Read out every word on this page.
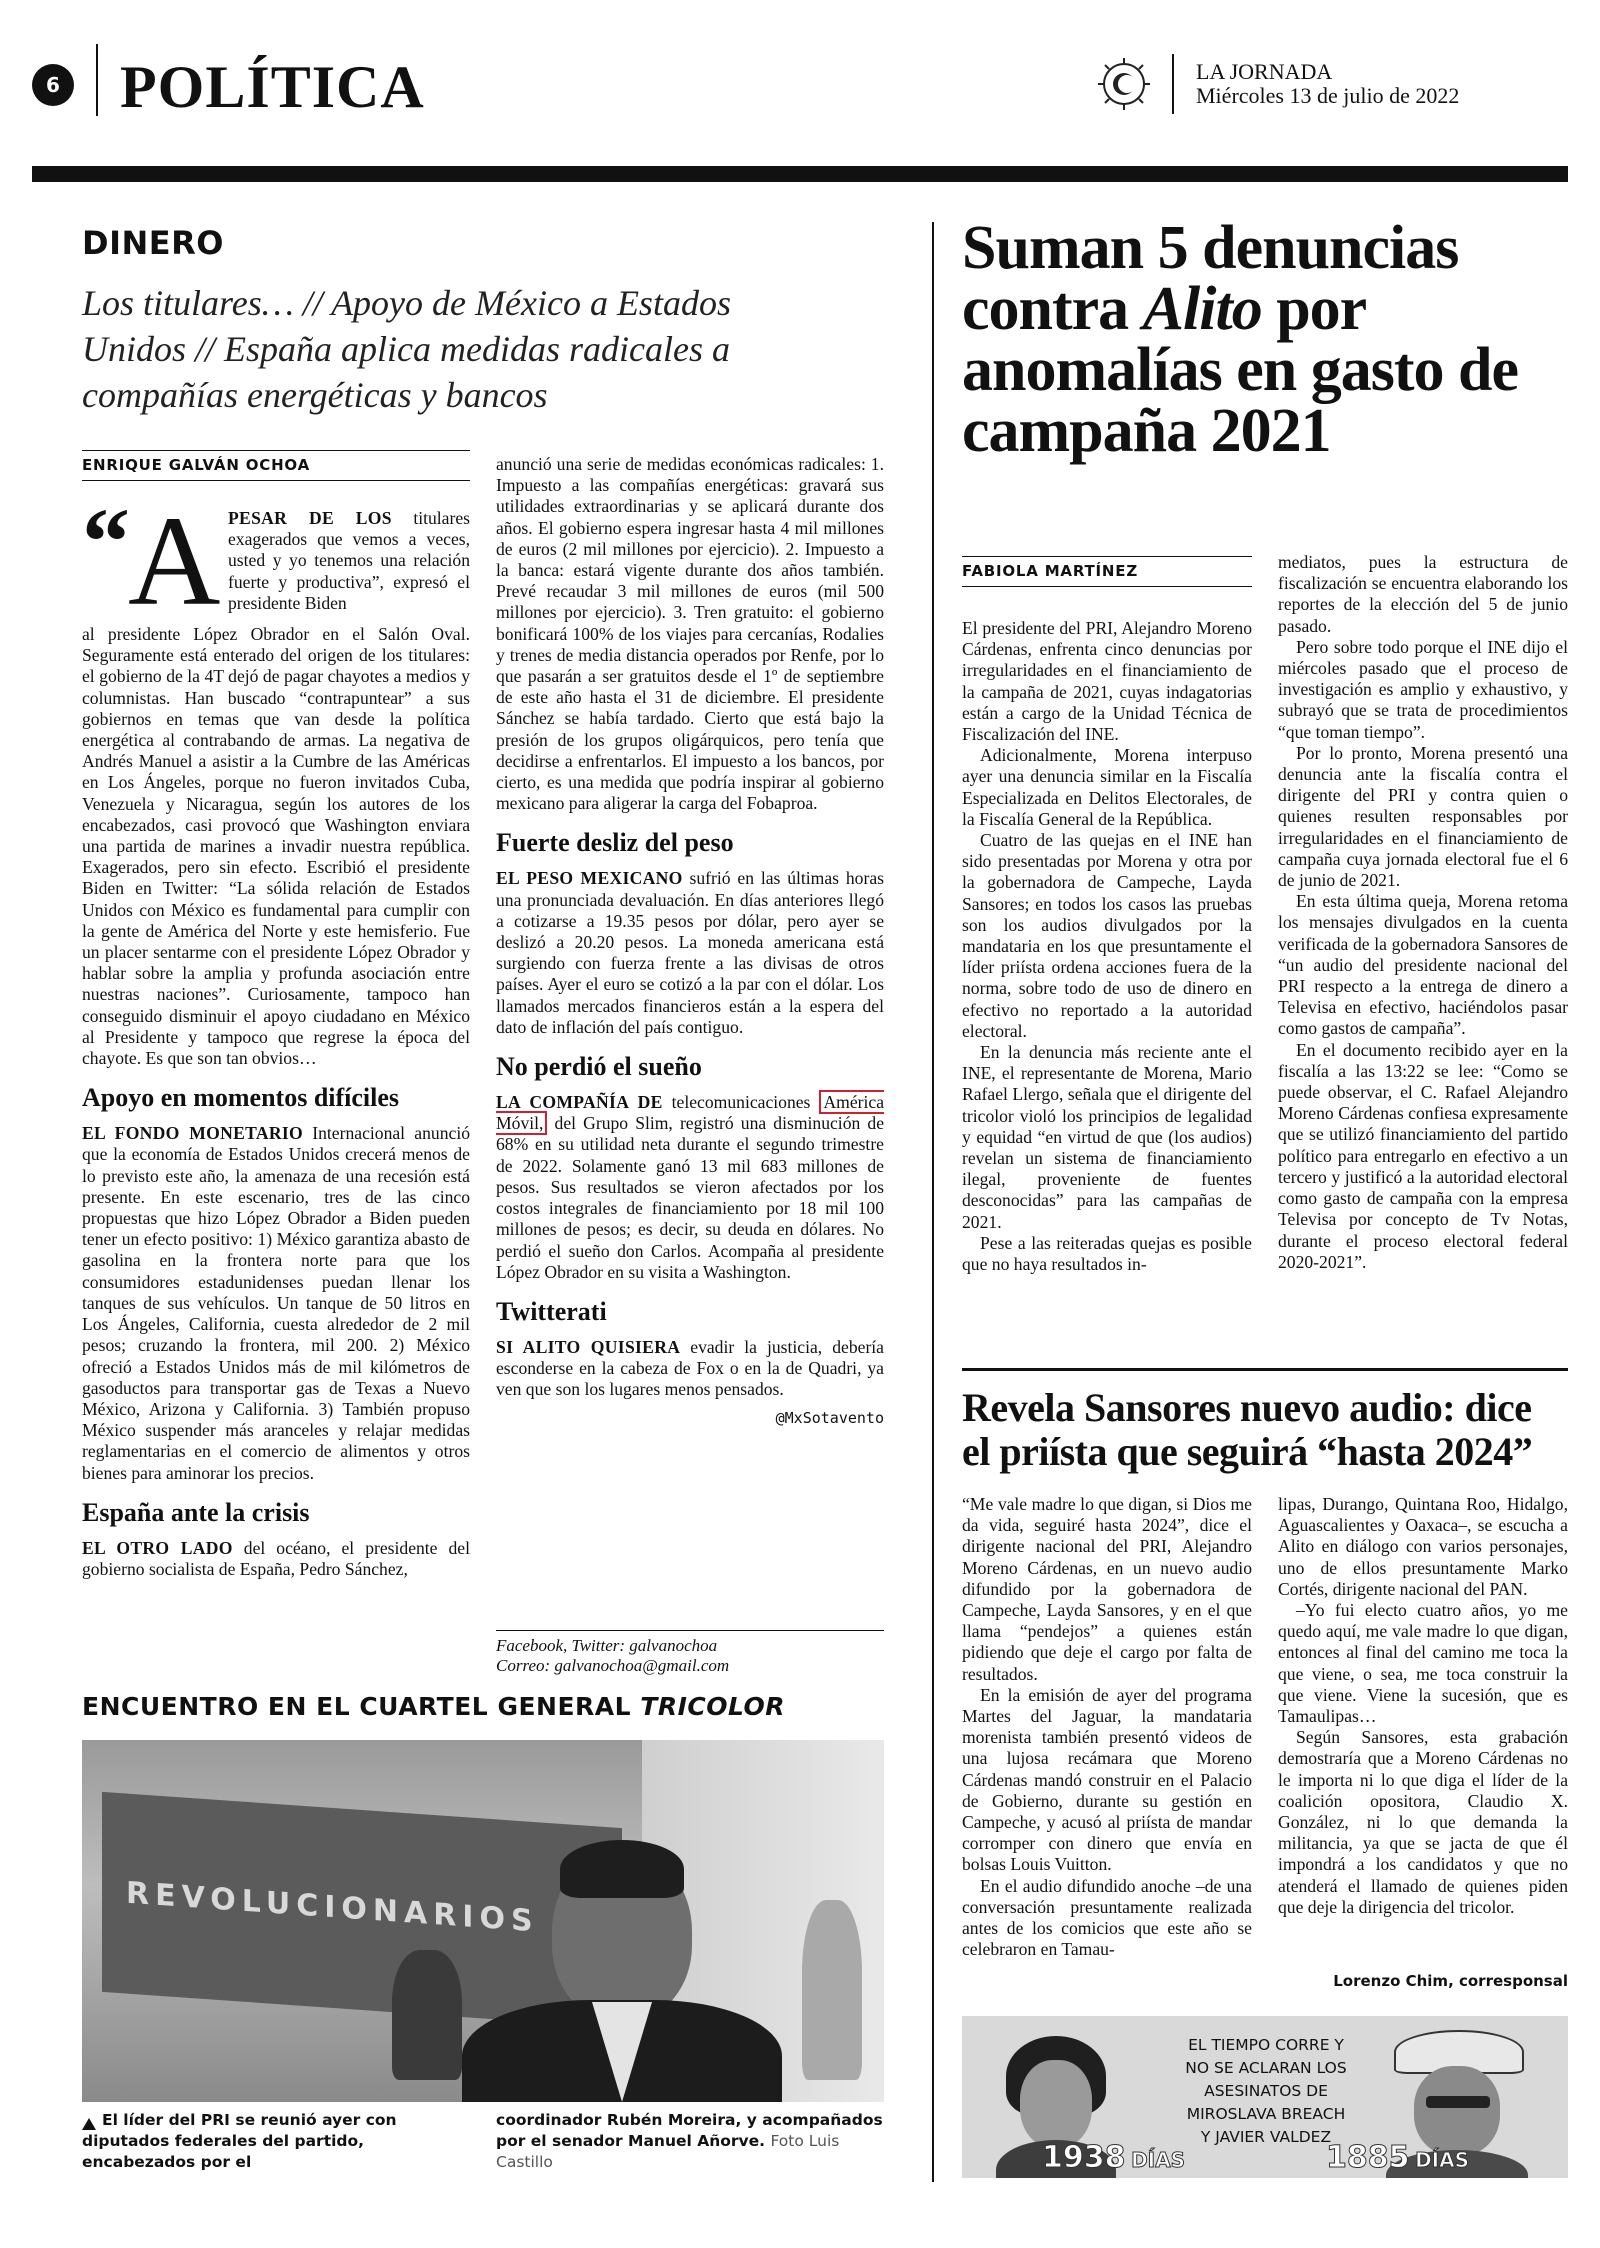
6 POLÍTICA	LA JORNADA
Miércoles 13 de julio de 2022
DINERO
Los titulares… // Apoyo de México a Estados Unidos // España aplica medidas radicales a compañías energéticas y bancos
ENRIQUE GALVÁN OCHOA
“
A PESAR DE LOS titulares exagerados que vemos a veces, usted y yo tenemos una relación fuerte y productiva”, expresó el presidente Biden

al presidente López Obrador en el Salón Oval. Seguramente está enterado del origen de los titulares: el gobierno de la 4T dejó de pagar chayotes a medios y columnistas. Han buscado “contrapuntear” a sus gobiernos en temas que van desde la política energética al contrabando de armas. La negativa de Andrés Manuel a asistir a la Cumbre de las Américas en Los Ángeles, porque no fueron invitados Cuba, Venezuela y Nicaragua, según los autores de los encabezados, casi provocó que Washington enviara una partida de marines a invadir nuestra república. Exagerados, pero sin efecto. Escribió el presidente Biden en Twitter: “La sólida relación de Estados Unidos con México es fundamental para cumplir con la gente de América del Norte y este hemisferio. Fue un placer sentarme con el presidente López Obrador y hablar sobre la amplia y profunda asociación entre nuestras naciones”. Curiosamente, tampoco han conseguido disminuir el apoyo ciudadano en México al Presidente y tampoco que regrese la época del chayote. Es que son tan obvios…

Apoyo en momentos difíciles

EL FONDO MONETARIO Internacional anunció que la economía de Estados Unidos crecerá menos de lo previsto este año, la amenaza de una recesión está presente. En este escenario, tres de las cinco propuestas que hizo López Obrador a Biden pueden tener un efecto positivo: 1) México garantiza abasto de gasolina en la frontera norte para que los consumidores estadunidenses puedan llenar los tanques de sus vehículos. Un tanque de 50 litros en Los Ángeles, California, cuesta alrededor de 2 mil pesos; cruzando la frontera, mil 200. 2) México ofreció a Estados Unidos más de mil kilómetros de gasoductos para transportar gas de Texas a Nuevo México, Arizona y California. 3) También propuso México suspender más aranceles y relajar medidas reglamentarias en el comercio de alimentos y otros bienes para aminorar los precios.

España ante la crisis

EL OTRO LADO del océano, el presidente del gobierno socialista de España, Pedro Sánchez,

anunció una serie de medidas económicas radicales: 1. Impuesto a las compañías energéticas: gravará sus utilidades extraordinarias y se aplicará durante dos años. El gobierno espera ingresar hasta 4 mil millones de euros (2 mil millones por ejercicio). 2. Impuesto a la banca: estará vigente durante dos años también. Prevé recaudar 3 mil millones de euros (mil 500 millones por ejercicio). 3. Tren gratuito: el gobierno bonificará 100% de los viajes para cercanías, Rodalies y trenes de media distancia operados por Renfe, por lo que pasarán a ser gratuitos desde el 1º de septiembre de este año hasta el 31 de diciembre. El presidente Sánchez se había tardado. Cierto que está bajo la presión de los grupos oligárquicos, pero tenía que decidirse a enfrentarlos. El impuesto a los bancos, por cierto, es una medida que podría inspirar al gobierno mexicano para aligerar la carga del Fobaproa.

Fuerte desliz del peso

EL PESO MEXICANO sufrió en las últimas horas una pronunciada devaluación. En días anteriores llegó a cotizarse a 19.35 pesos por dólar, pero ayer se deslizó a 20.20 pesos. La moneda americana está surgiendo con fuerza frente a las divisas de otros países. Ayer el euro se cotizó a la par con el dólar. Los llamados mercados financieros están a la espera del dato de inflación del país contiguo.

No perdió el sueño

LA COMPAÑÍA DE telecomunicaciones América Móvil, del Grupo Slim, registró una disminución de 68% en su utilidad neta durante el segundo trimestre de 2022. Solamente ganó 13 mil 683 millones de pesos. Sus resultados se vieron afectados por los costos integrales de financiamiento por 18 mil 100 millones de pesos; es decir, su deuda en dólares. No perdió el sueño don Carlos. Acompaña al presidente López Obrador en su visita a Washington.

Twitterati

SI ALITO QUISIERA evadir la justicia, debería esconderse en la cabeza de Fox o en la de Quadri, ya ven que son los lugares menos pensados.

@MxSotavento
Facebook, Twitter: galvanochoa
Correo: galvanochoa@gmail.com
ENCUENTRO EN EL CUARTEL GENERAL TRICOLOR
REVOLUCIONARIOS
El líder del PRI se reunió ayer con diputados federales del partido, encabezados por el
coordinador Rubén Moreira, y acompañados por el senador Manuel Añorve. Foto Luis Castillo
Suman 5 denuncias contra Alito por anomalías en gasto de campaña 2021
FABIOLA MARTÍNEZ

El presidente del PRI, Alejandro Moreno Cárdenas, enfrenta cinco denuncias por irregularidades en el financiamiento de la campaña de 2021, cuyas indagatorias están a cargo de la Unidad Técnica de Fiscalización del INE.

Adicionalmente, Morena interpuso ayer una denuncia similar en la Fiscalía Especializada en Delitos Electorales, de la Fiscalía General de la República.

Cuatro de las quejas en el INE han sido presentadas por Morena y otra por la gobernadora de Campeche, Layda Sansores; en todos los casos las pruebas son los audios divulgados por la mandataria en los que presuntamente el líder priísta ordena acciones fuera de la norma, sobre todo de uso de dinero en efectivo no reportado a la autoridad electoral.

En la denuncia más reciente ante el INE, el representante de Morena, Mario Rafael Llergo, señala que el dirigente del tricolor violó los principios de legalidad y equidad “en virtud de que (los audios) revelan un sistema de financiamiento ilegal, proveniente de fuentes desconocidas” para las campañas de 2021.

Pese a las reiteradas quejas es posible que no haya resultados in-

mediatos, pues la estructura de fiscalización se encuentra elaborando los reportes de la elección del 5 de junio pasado.

Pero sobre todo porque el INE dijo el miércoles pasado que el proceso de investigación es amplio y exhaustivo, y subrayó que se trata de procedimientos “que toman tiempo”.

Por lo pronto, Morena presentó una denuncia ante la fiscalía contra el dirigente del PRI y contra quien o quienes resulten responsables por irregularidades en el financiamiento de campaña cuya jornada electoral fue el 6 de junio de 2021.

En esta última queja, Morena retoma los mensajes divulgados en la cuenta verificada de la gobernadora Sansores de “un audio del presidente nacional del PRI respecto a la entrega de dinero a Televisa en efectivo, haciéndolos pasar como gastos de campaña”.

En el documento recibido ayer en la fiscalía a las 13:22 se lee: “Como se puede observar, el C. Rafael Alejandro Moreno Cárdenas confiesa expresamente que se utilizó financiamiento del partido político para entregarlo en efectivo a un tercero y justificó a la autoridad electoral como gasto de campaña con la empresa Televisa por concepto de Tv Notas, durante el proceso electoral federal 2020-2021”.

Revela Sansores nuevo audio: dice el priísta que seguirá “hasta 2024”

“Me vale madre lo que digan, si Dios me da vida, seguiré hasta 2024”, dice el dirigente nacional del PRI, Alejandro Moreno Cárdenas, en un nuevo audio difundido por la gobernadora de Campeche, Layda Sansores, y en el que llama “pendejos” a quienes están pidiendo que deje el cargo por falta de resultados.

En la emisión de ayer del programa Martes del Jaguar, la mandataria morenista también presentó videos de una lujosa recámara que Moreno Cárdenas mandó construir en el Palacio de Gobierno, durante su gestión en Campeche, y acusó al priísta de mandar corromper con dinero que envía en bolsas Louis Vuitton.

En el audio difundido anoche –de una conversación presuntamente realizada antes de los comicios que este año se celebraron en Tamau-

lipas, Durango, Quintana Roo, Hidalgo, Aguascalientes y Oaxaca–, se escucha a Alito en diálogo con varios personajes, uno de ellos presuntamente Marko Cortés, dirigente nacional del PAN.

–Yo fui electo cuatro años, yo me quedo aquí, me vale madre lo que digan, entonces al final del camino me toca la que viene, o sea, me toca construir la que viene. Viene la sucesión, que es Tamaulipas…

Según Sansores, esta grabación demostraría que a Moreno Cárdenas no le importa ni lo que diga el líder de la coalición opositora, Claudio X. González, ni lo que demanda la militancia, ya que se jacta de que él impondrá a los candidatos y que no atenderá el llamado de quienes piden que deje la dirigencia del tricolor.

Lorenzo Chim, corresponsal
EL TIEMPO CORRE Y
NO SE ACLARAN LOS
ASESINATOS DE
MIROSLAVA BREACH
Y JAVIER VALDEZ
1938 DÍAS	1885 DÍAS
